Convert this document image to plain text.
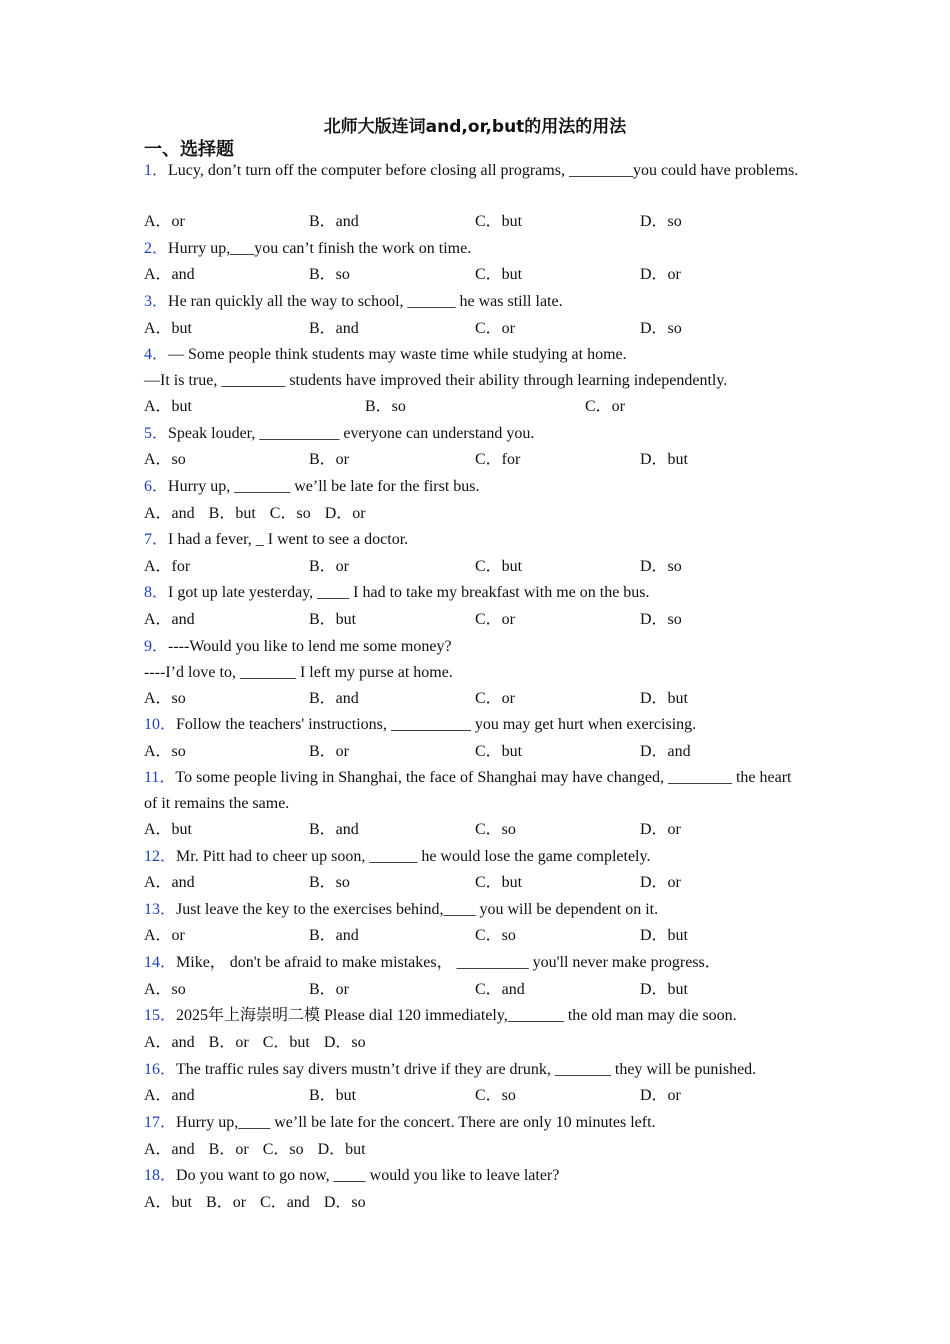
北师大版连词and,or,but的用法的用法
一、选择题
1．Lucy, don’t turn off the computer before closing all programs, ________you could have problems.
A．or	B．and	C．but	D．so
2．Hurry up,___you can’t finish the work on time.
A．and	B．so	C．but	D．or
3．He ran quickly all the way to school, ______ he was still late.
A．but	B．and	C．or	D．so
4．— Some people think students may waste time while studying at home.
—It is true, ________ students have improved their ability through learning independently.
A．but	B．so	C．or
5．Speak louder, __________ everyone can understand you.
A．so	B．or	C．for	D．but
6．Hurry up, _______ we’ll be late for the first bus.
A．and B．but C．so D．or
7．I had a fever, _ I went to see a doctor.
A．for	B．or	C．but	D．so
8．I got up late yesterday, ____ I had to take my breakfast with me on the bus.
A．and	B．but	C．or	D．so
9．----Would you like to lend me some money?
----I’d love to, _______ I left my purse at home.
A．so	B．and	C．or	D．but
10．Follow the teachers' instructions, __________ you may get hurt when exercising.
A．so	B．or	C．but	D．and
11．To some people living in Shanghai, the face of Shanghai may have changed, ________ the heart of it remains the same.
A．but	B．and	C．so	D．or
12．Mr. Pitt had to cheer up soon, ______ he would lose the game completely.
A．and	B．so	C．but	D．or
13．Just leave the key to the exercises behind,____ you will be dependent on it.
A．or	B．and	C．so	D．but
14．Mike， don't be afraid to make mistakes， _________ you'll never make progress．
A．so	B．or	C．and	D．but
15．2025年上海崇明二模 Please dial 120 immediately,_______ the old man may die soon.
A．and B．or C．but D．so
16．The traffic rules say divers mustn’t drive if they are drunk, _______ they will be punished.
A．and	B．but	C．so	D．or
17．Hurry up,____ we’ll be late for the concert. There are only 10 minutes left.
A．and B．or C．so D．but
18．Do you want to go now, ____ would you like to leave later?
A．but B．or C．and D．so
